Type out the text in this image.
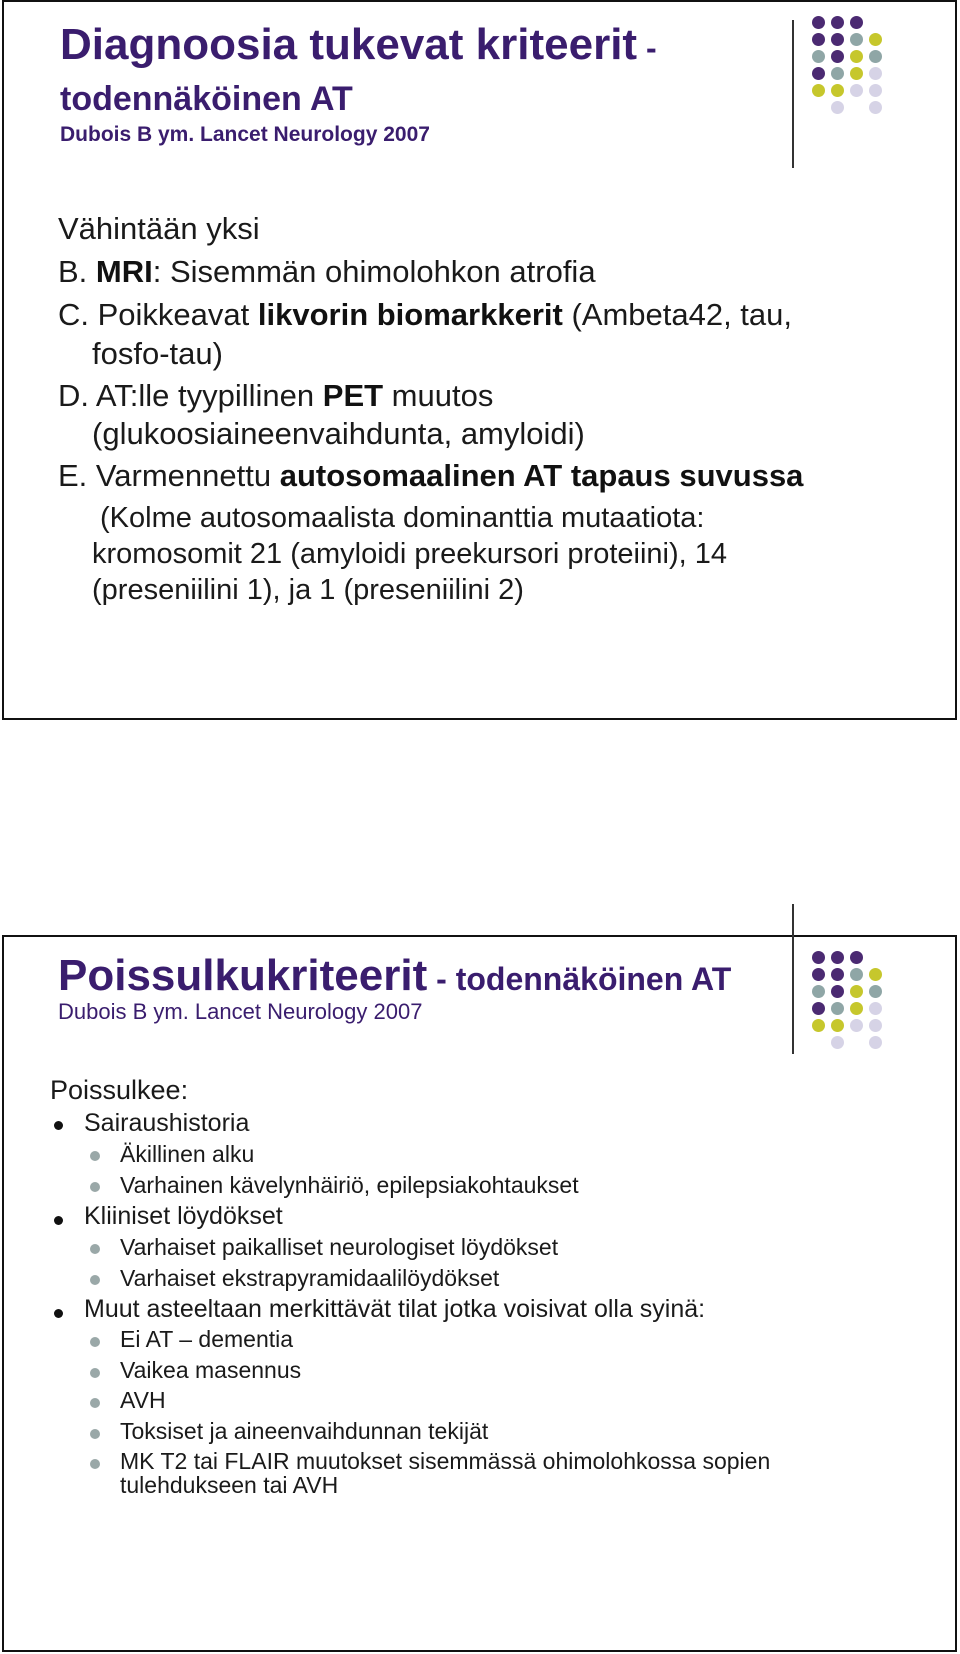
Diagnoosia tukevat kriteerit -
todennäköinen AT
Dubois B ym. Lancet Neurology 2007
Vähintään yksi
B. MRI: Sisemmän ohimolohkon atrofia
C. Poikkeavat likvorin biomarkkerit (Ambeta42, tau,
fosfo-tau)
D. AT:lle tyypillinen PET muutos
(glukoosiaineenvaihdunta, amyloidi)
E. Varmennettu autosomaalinen AT tapaus suvussa
(Kolme autosomaalista dominanttia mutaatiota:
kromosomit 21 (amyloidi preekursori proteiini), 14
(preseniilini 1), ja 1 (preseniilini 2)
Poissulkukriteerit - todennäköinen AT
Dubois B ym. Lancet Neurology 2007
Poissulkee:
Sairaushistoria
Äkillinen alku
Varhainen kävelynhäiriö, epilepsiakohtaukset
Kliiniset löydökset
Varhaiset paikalliset neurologiset löydökset
Varhaiset ekstrapyramidaalilöydökset
Muut asteeltaan merkittävät tilat jotka voisivat olla syinä:
Ei AT – dementia
Vaikea masennus
AVH
Toksiset ja aineenvaihdunnan tekijät
MK T2 tai FLAIR muutokset sisemmässä ohimolohkossa sopien
tulehdukseen tai AVH
